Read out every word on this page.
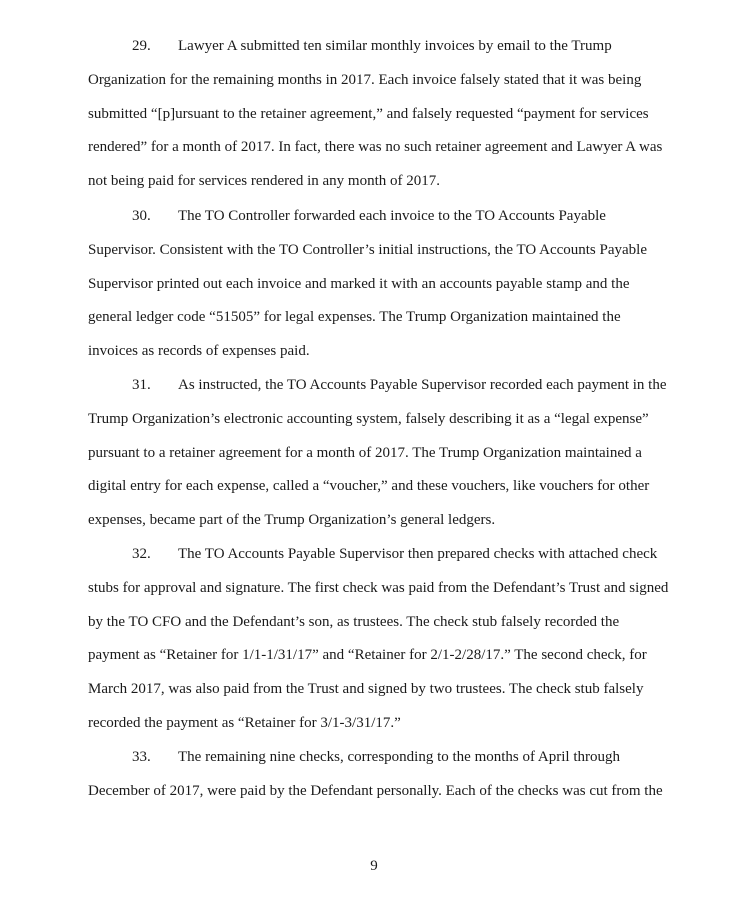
29. Lawyer A submitted ten similar monthly invoices by email to the Trump Organization for the remaining months in 2017. Each invoice falsely stated that it was being submitted “[p]ursuant to the retainer agreement,” and falsely requested “payment for services rendered” for a month of 2017. In fact, there was no such retainer agreement and Lawyer A was not being paid for services rendered in any month of 2017.

30. The TO Controller forwarded each invoice to the TO Accounts Payable Supervisor. Consistent with the TO Controller’s initial instructions, the TO Accounts Payable Supervisor printed out each invoice and marked it with an accounts payable stamp and the general ledger code “51505” for legal expenses. The Trump Organization maintained the invoices as records of expenses paid.

31. As instructed, the TO Accounts Payable Supervisor recorded each payment in the Trump Organization’s electronic accounting system, falsely describing it as a “legal expense” pursuant to a retainer agreement for a month of 2017. The Trump Organization maintained a digital entry for each expense, called a “voucher,” and these vouchers, like vouchers for other expenses, became part of the Trump Organization’s general ledgers.

32. The TO Accounts Payable Supervisor then prepared checks with attached check stubs for approval and signature. The first check was paid from the Defendant’s Trust and signed by the TO CFO and the Defendant’s son, as trustees. The check stub falsely recorded the payment as “Retainer for 1/1-1/31/17” and “Retainer for 2/1-2/28/17.” The second check, for March 2017, was also paid from the Trust and signed by two trustees. The check stub falsely recorded the payment as “Retainer for 3/1-3/31/17.”

33. The remaining nine checks, corresponding to the months of April through December of 2017, were paid by the Defendant personally. Each of the checks was cut from the

9
